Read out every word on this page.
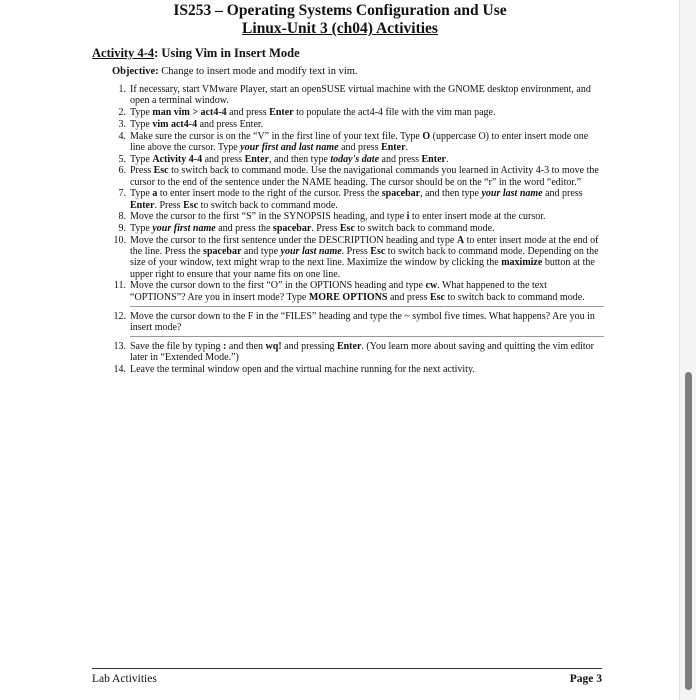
IS253 – Operating Systems Configuration and Use
Linux-Unit 3 (ch04) Activities
Activity 4-4: Using Vim in Insert Mode
Objective: Change to insert mode and modify text in vim.
1. If necessary, start VMware Player, start an openSUSE virtual machine with the GNOME desktop environment, and open a terminal window.
2. Type man vim > act4-4 and press Enter to populate the act4-4 file with the vim man page.
3. Type vim act4-4 and press Enter.
4. Make sure the cursor is on the “V” in the first line of your text file. Type O (uppercase O) to enter insert mode one line above the cursor. Type your first and last name and press Enter.
5. Type Activity 4-4 and press Enter, and then type today's date and press Enter.
6. Press Esc to switch back to command mode. Use the navigational commands you learned in Activity 4-3 to move the cursor to the end of the sentence under the NAME heading. The cursor should be on the “r” in the word “editor.”
7. Type a to enter insert mode to the right of the cursor. Press the spacebar, and then type your last name and press Enter. Press Esc to switch back to command mode.
8. Move the cursor to the first “S” in the SYNOPSIS heading, and type i to enter insert mode at the cursor.
9. Type your first name and press the spacebar. Press Esc to switch back to command mode.
10. Move the cursor to the first sentence under the DESCRIPTION heading and type A to enter insert mode at the end of the line. Press the spacebar and type your last name. Press Esc to switch back to command mode. Depending on the size of your window, text might wrap to the next line. Maximize the window by clicking the maximize button at the upper right to ensure that your name fits on one line.
11. Move the cursor down to the first “O” in the OPTIONS heading and type cw. What happened to the text “OPTIONS”? Are you in insert mode? Type MORE OPTIONS and press Esc to switch back to command mode.
12. Move the cursor down to the F in the “FILES” heading and type the ~ symbol five times. What happens? Are you in insert mode?
13. Save the file by typing : and then wq! and pressing Enter. (You learn more about saving and quitting the vim editor later in “Extended Mode.”)
14. Leave the terminal window open and the virtual machine running for the next activity.
Lab Activities	Page 3
